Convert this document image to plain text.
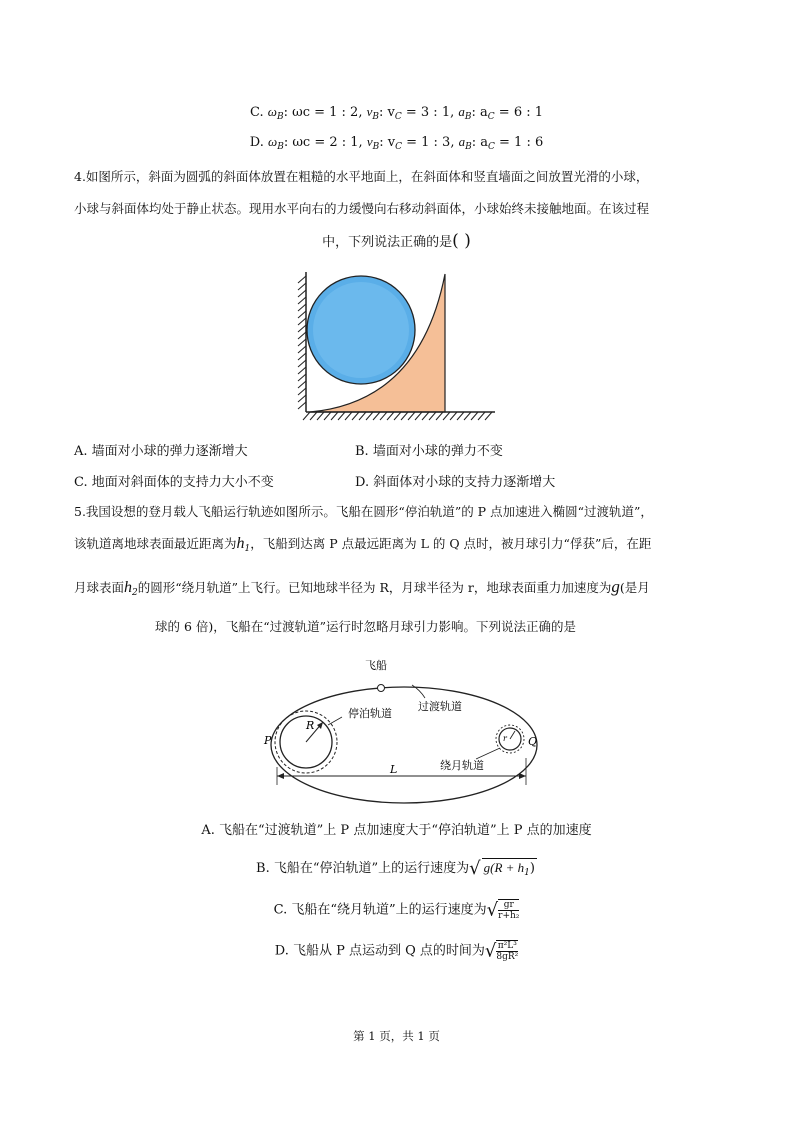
C. $\omega_B$: ωc = 1 : 2, $v_B$: $v_C = 3$ : 1, $a_B$: $a_C = 6$ : 1
D. $\omega_B$: ωc = 2 : 1, $v_B$: $v_C = 1$ : 3, $a_B$: $a_C = 1$ : 6
4.如图所示，斜面为圆弧的斜面体放置在粗糙的水平地面上，在斜面体和竖直墙面之间放置光滑的小球，
小球与斜面体均处于静止状态。现用水平向右的力缓慢向右移动斜面体，小球始终未接触地面。在该过程
中，下列说法正确的是( )
A. 墙面对小球的弹力逐渐增大	B. 墙面对小球的弹力不变
C. 地面对斜面体的支持力大小不变	D. 斜面体对小球的支持力逐渐增大
5.我国设想的登月载人飞船运行轨迹如图所示。飞船在圆形“停泊轨道”的 P 点加速进入椭圆“过渡轨道”，
该轨道离地球表面最近距离为$h_1$，飞船到达离 P 点最远距离为 L 的 Q 点时，被月球引力“俘获”后，在距
月球表面$h_2$的圆形“绕月轨道”上飞行。已知地球半径为 R，月球半径为 r，地球表面重力加速度为g(是月
球的 6 倍)，飞船在“过渡轨道”运行时忽略月球引力影响。下列说法正确的是
R
r
飞船
停泊轨道
过渡轨道
绕月轨道
P	Q
L
A. 飞船在“过渡轨道”上 P 点加速度大于“停泊轨道”上 P 点的加速度
B. 飞船在“停泊轨道”上的运行速度为√ $g(R + h_1)$
C. 飞船在“绕月轨道”上的运行速度为√ $\frac{gr}{\text{r+h₂}}$
D. 飞船从 P 点运动到 Q 点的时间为√ $\frac{\text{π²L³}}{\text{8gR²}}$
第 1 页，共 1 页
